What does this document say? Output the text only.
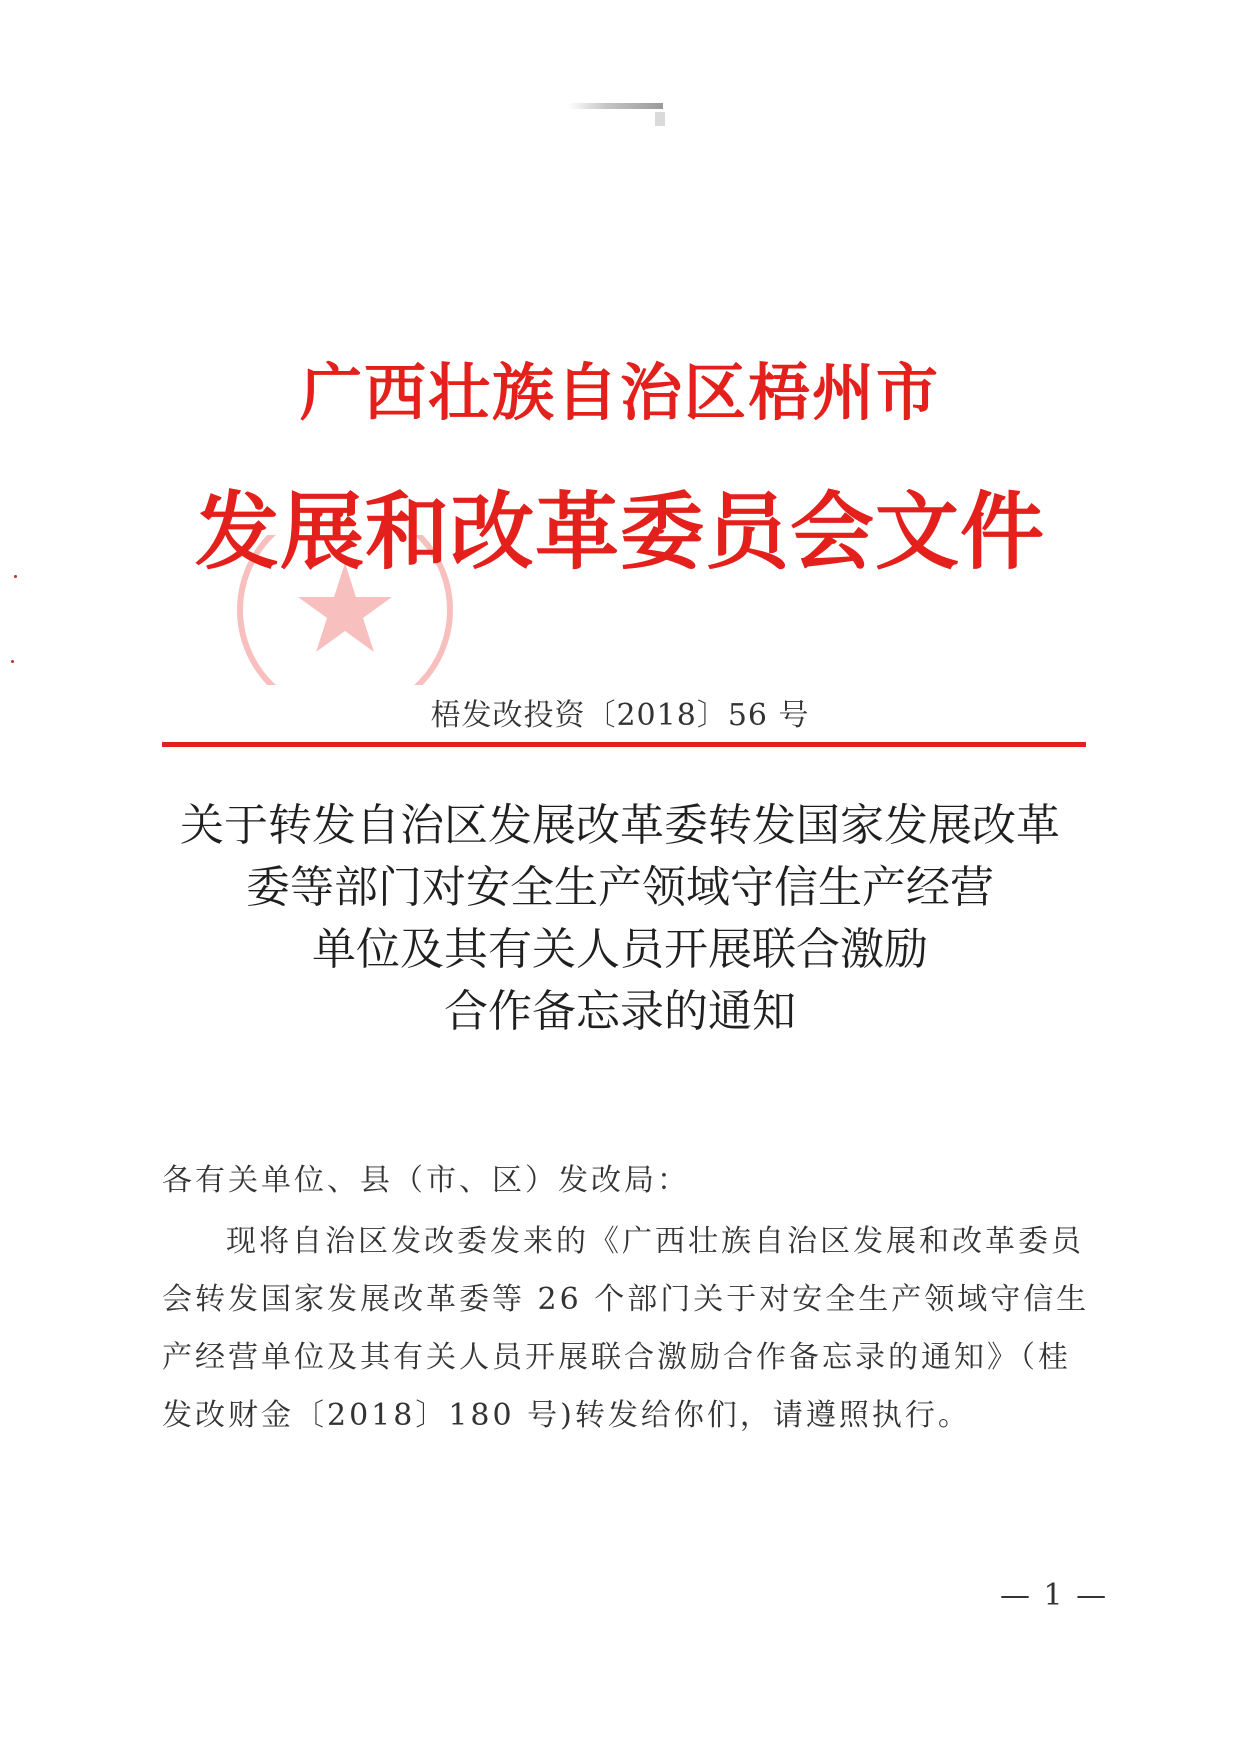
广西壮族自治区梧州市
发展和改革委员会文件
梧发改投资〔2018〕56 号
关于转发自治区发展改革委转发国家发展改革
委等部门对安全生产领域守信生产经营
单位及其有关人员开展联合激励
合作备忘录的通知
各有关单位、县（市、区）发改局：
现将自治区发改委发来的《广西壮族自治区发展和改革委员
会转发国家发展改革委等 26 个部门关于对安全生产领域守信生
产经营单位及其有关人员开展联合激励合作备忘录的通知》（桂
发改财金〔2018〕180 号)转发给你们，请遵照执行。
— 1 —
